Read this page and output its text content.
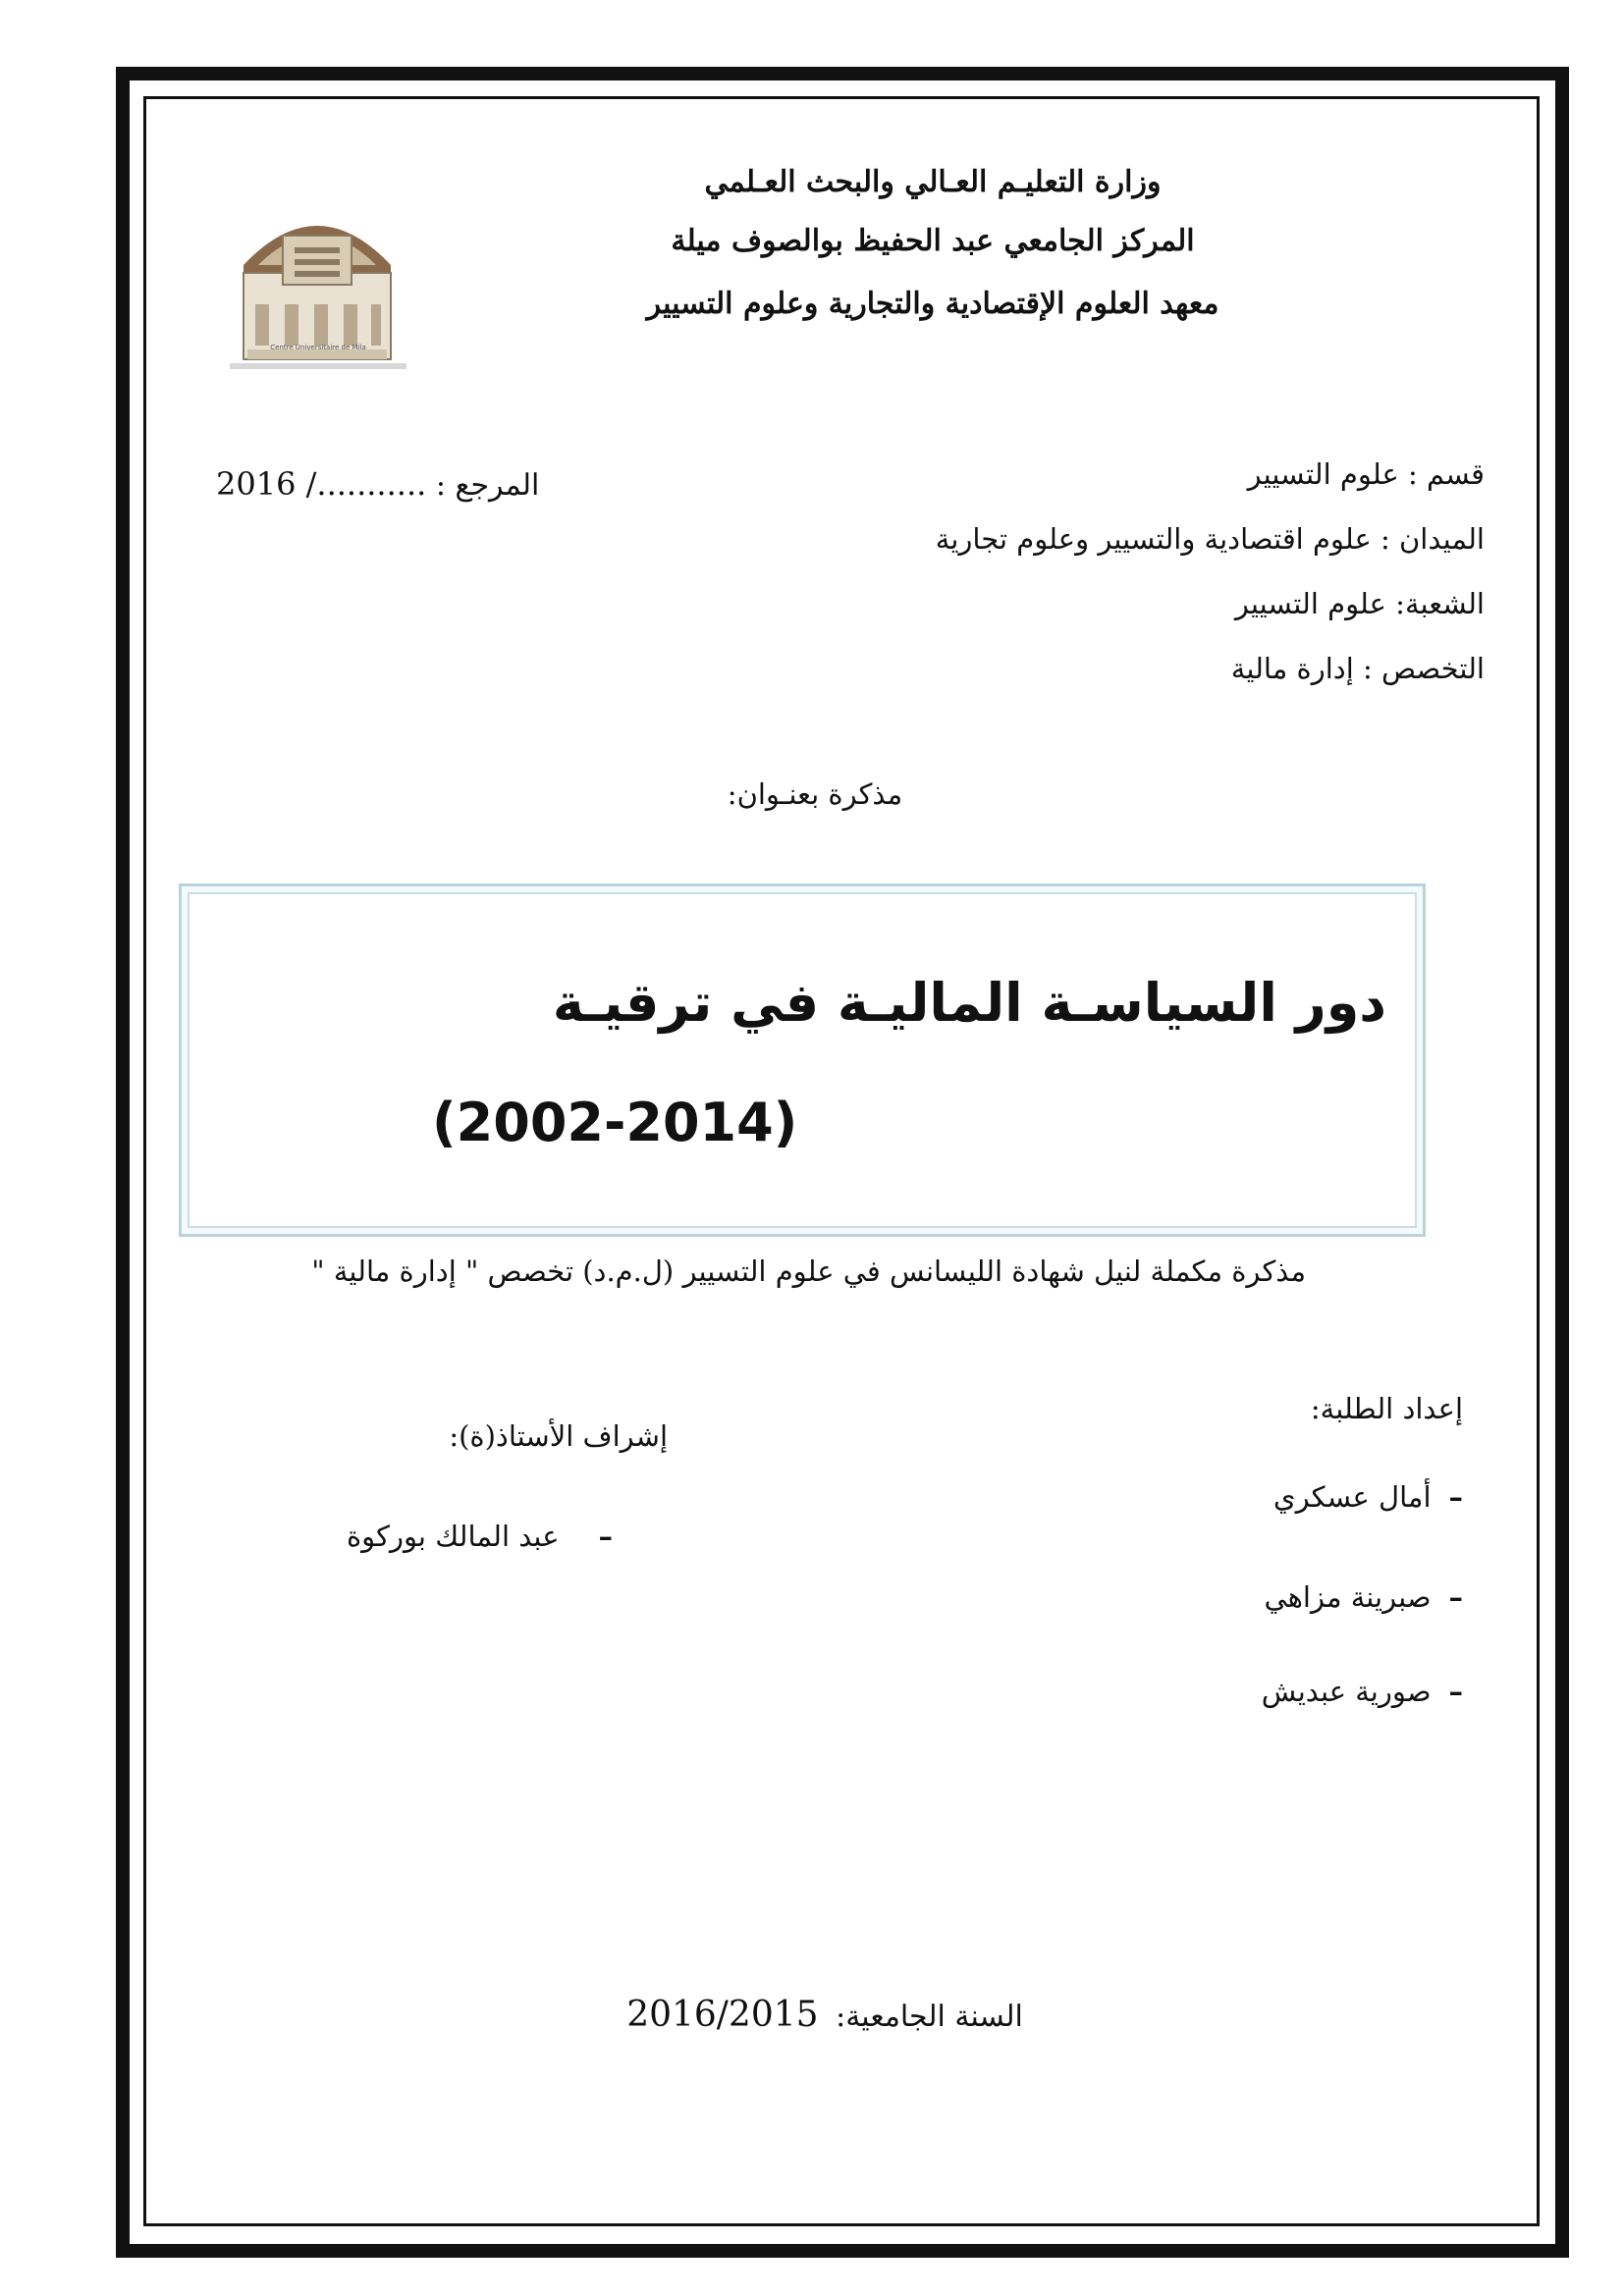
Centre Universitaire de Mila
وزارة التعليـم العـالي والبحث العـلمي
المركز الجامعي عبد الحفيظ بوالصوف ميلة
معهد العلوم الإقتصادية والتجارية وعلوم التسيير
قسم : علوم التسيير
الميدان : علوم اقتصادية والتسيير وعلوم تجارية
الشعبة: علوم التسيير
التخصص : إدارة مالية
المرجع : 2016 /...........
مذكرة بعنـوان:
دور السياسـة الماليـة في ترقيـة
(2002-2014)
مذكرة مكملة لنيل شهادة الليسانس في علوم التسيير (ل.م.د) تخصص " إدارة مالية "
إعداد الطلبة:
–أمال عسكري
–صبرينة مزاهي
–صورية عبديش
إشراف الأستاذ(ة):
–عبد المالك بوركوة
السنة الجامعية: 2016/2015
